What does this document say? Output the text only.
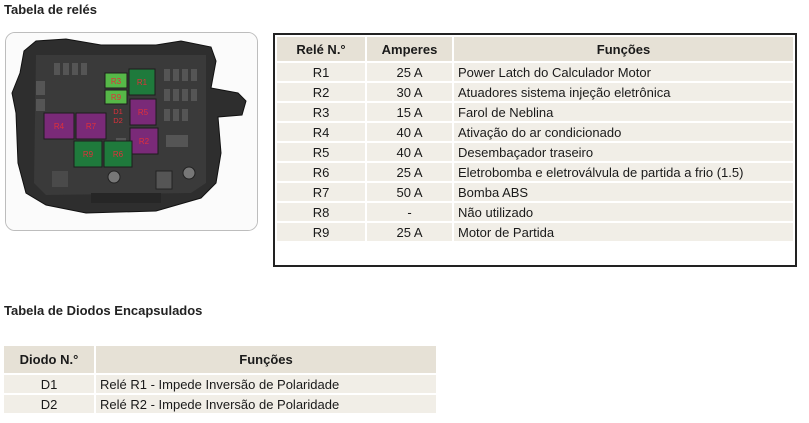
Tabela de relés
R3 R1
R9
D1
D2
R5
R4	R7
R2
R9 R6
Relé N.°	Amperes	Funções
R1	25 A	Power Latch do Calculador Motor
R2	30 A	Atuadores sistema injeção eletrônica
R3	15 A	Farol de Neblina
R4	40 A	Ativação do ar condicionado
R5	40 A	Desembaçador traseiro
R6	25 A	Eletrobomba e eletroválvula de partida a frio (1.5)
R7	50 A	Bomba ABS
R8	-	Não utilizado
R9	25 A	Motor de Partida
Tabela de Diodos Encapsulados
Diodo N.°	Funções
D1	Relé R1 - Impede Inversão de Polaridade
D2	Relé R2 - Impede Inversão de Polaridade
